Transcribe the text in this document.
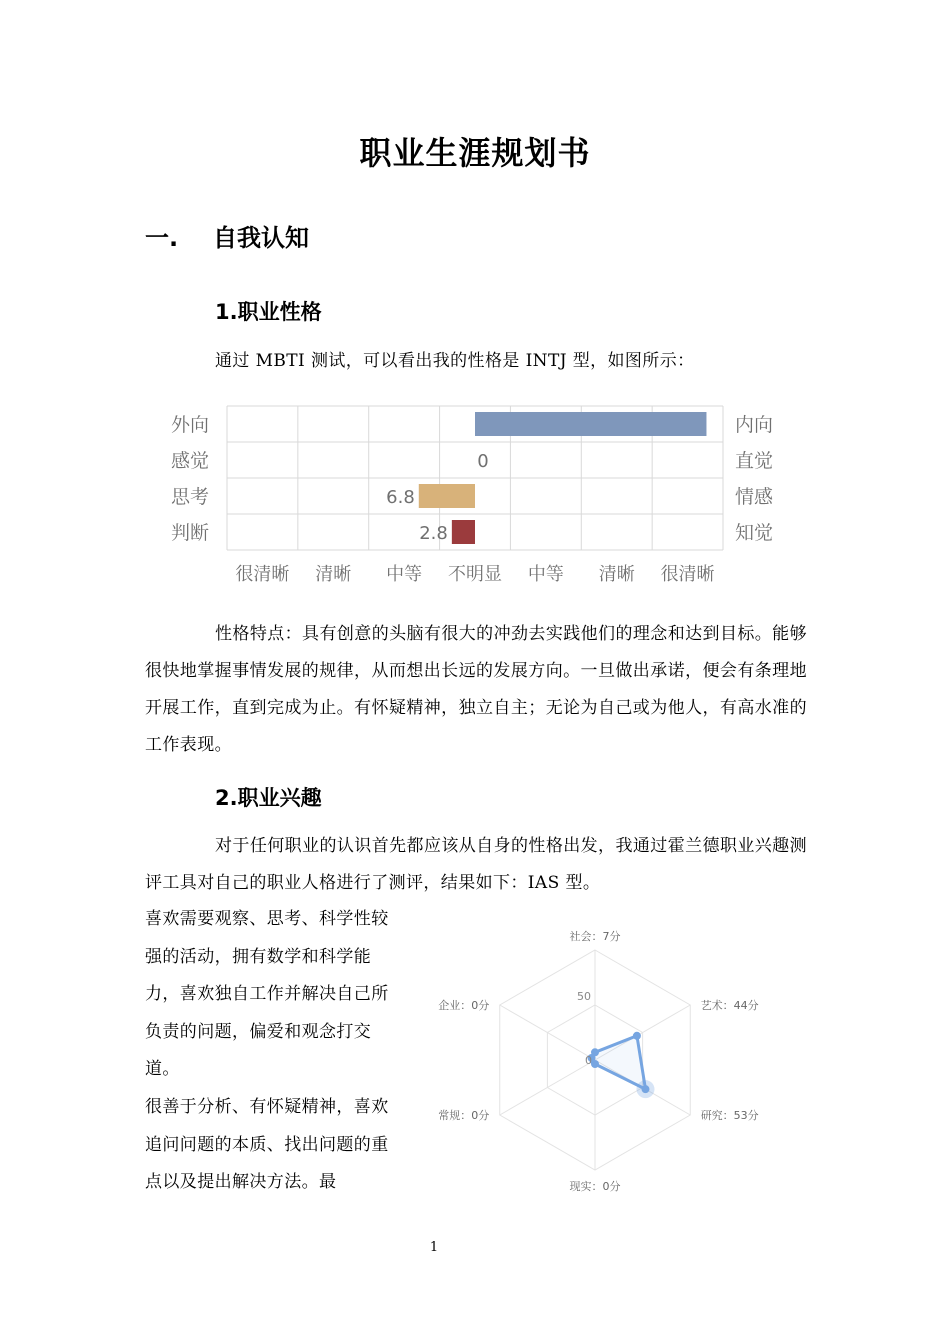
职业生涯规划书
一. 自我认知
1.职业性格
通过 MBTI 测试，可以看出我的性格是 INTJ 型，如图所示：
外向	内向
感觉	直觉
0
思考	情感
6.8
判断	知觉
2.8
很清晰 清晰 中等 不明显 中等 清晰 很清晰
性格特点：具有创意的头脑有很大的冲劲去实践他们的理念和达到目标。能够很快地掌握事情发展的规律，从而想出长远的发展方向。一旦做出承诺，便会有条理地开展工作，直到完成为止。有怀疑精神，独立自主；无论为自己或为他人，有高水准的工作表现。
2.职业兴趣
对于任何职业的认识首先都应该从自身的性格出发，我通过霍兰德职业兴趣测评工具对自己的职业人格进行了测评，结果如下：IAS 型。
喜欢需要观察、思考、科学性较强的活动，拥有数学和科学能力，喜欢独自工作并解决自己所负责的问题，偏爱和观念打交道。
很善于分析、有怀疑精神，喜欢追问问题的本质、找出问题的重点以及提出解决方法。最
0
50
社会：7分
艺术：44分
研究：53分
现实：0分
常规：0分
企业：0分
1
